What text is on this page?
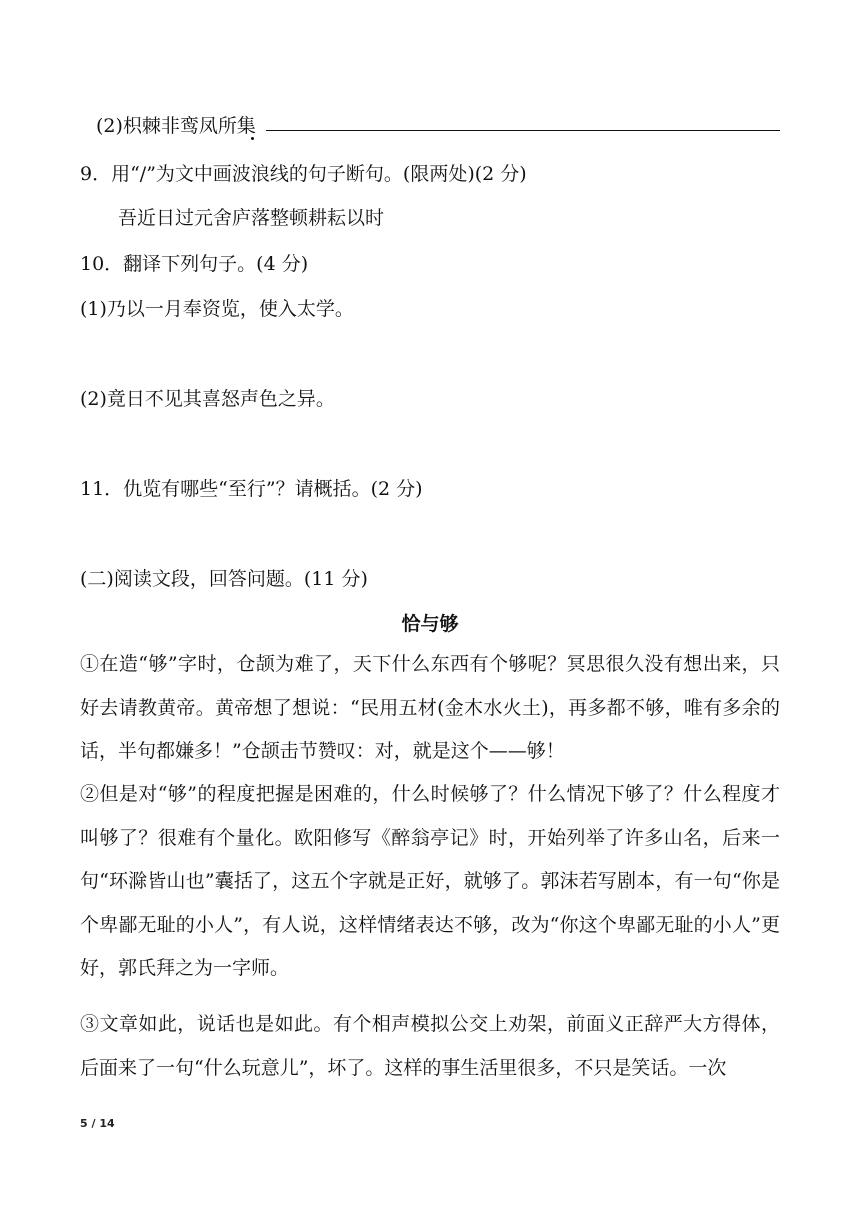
(2)枳棘非鸾凤所集
9．用“/”为文中画波浪线的句子断句。(限两处)(2 分)
吾近日过元舍庐落整顿耕耘以时
10．翻译下列句子。(4 分)
(1)乃以一月奉资览，使入太学。
(2)竟日不见其喜怒声色之异。
11．仇览有哪些“至行”？请概括。(2 分)
(二)阅读文段，回答问题。(11 分)
恰与够
①在造“够”字时，仓颉为难了，天下什么东西有个够呢？冥思很久没有想出来，只好去请教黄帝。黄帝想了想说：“民用五材(金木水火土)，再多都不够，唯有多余的话，半句都嫌多！”仓颉击节赞叹：对，就是这个——够！
②但是对“够”的程度把握是困难的，什么时候够了？什么情况下够了？什么程度才叫够了？很难有个量化。欧阳修写《醉翁亭记》时，开始列举了许多山名，后来一句“环滁皆山也”囊括了，这五个字就是正好，就够了。郭沫若写剧本，有一句“你是个卑鄙无耻的小人”，有人说，这样情绪表达不够，改为“你这个卑鄙无耻的小人”更好，郭氏拜之为一字师。
③文章如此，说话也是如此。有个相声模拟公交上劝架，前面义正辞严大方得体，后面来了一句“什么玩意儿”，坏了。这样的事生活里很多，不只是笑话。一次
5 / 14
